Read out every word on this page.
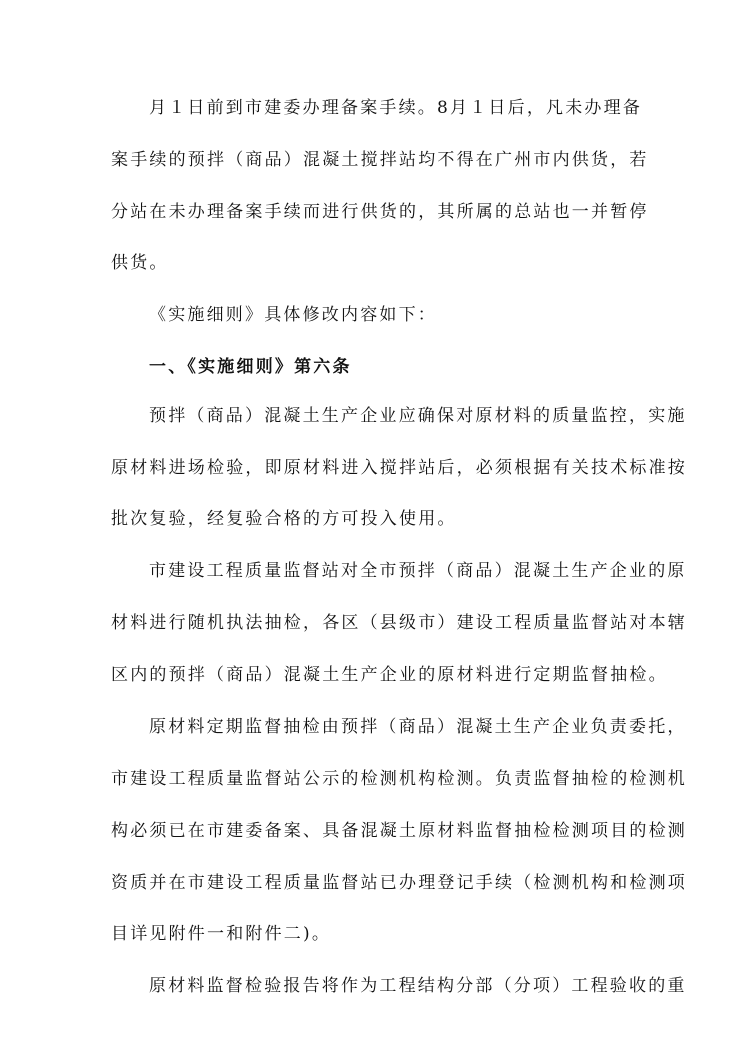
月１日前到市建委办理备案手续。8月１日后，凡未办理备
案手续的预拌（商品）混凝土搅拌站均不得在广州市内供货，若
分站在未办理备案手续而进行供货的，其所属的总站也一并暂停
供货。
《实施细则》具体修改内容如下：
一、《实施细则》第六条
预拌（商品）混凝土生产企业应确保对原材料的质量监控，实施
原材料进场检验，即原材料进入搅拌站后，必须根据有关技术标准按
批次复验，经复验合格的方可投入使用。
市建设工程质量监督站对全市预拌（商品）混凝土生产企业的原
材料进行随机执法抽检，各区（县级市）建设工程质量监督站对本辖
区内的预拌（商品）混凝土生产企业的原材料进行定期监督抽检。
原材料定期监督抽检由预拌（商品）混凝土生产企业负责委托，
市建设工程质量监督站公示的检测机构检测。负责监督抽检的检测机
构必须已在市建委备案、具备混凝土原材料监督抽检检测项目的检测
资质并在市建设工程质量监督站已办理登记手续（检测机构和检测项
目详见附件一和附件二)。
原材料监督检验报告将作为工程结构分部（分项）工程验收的重
